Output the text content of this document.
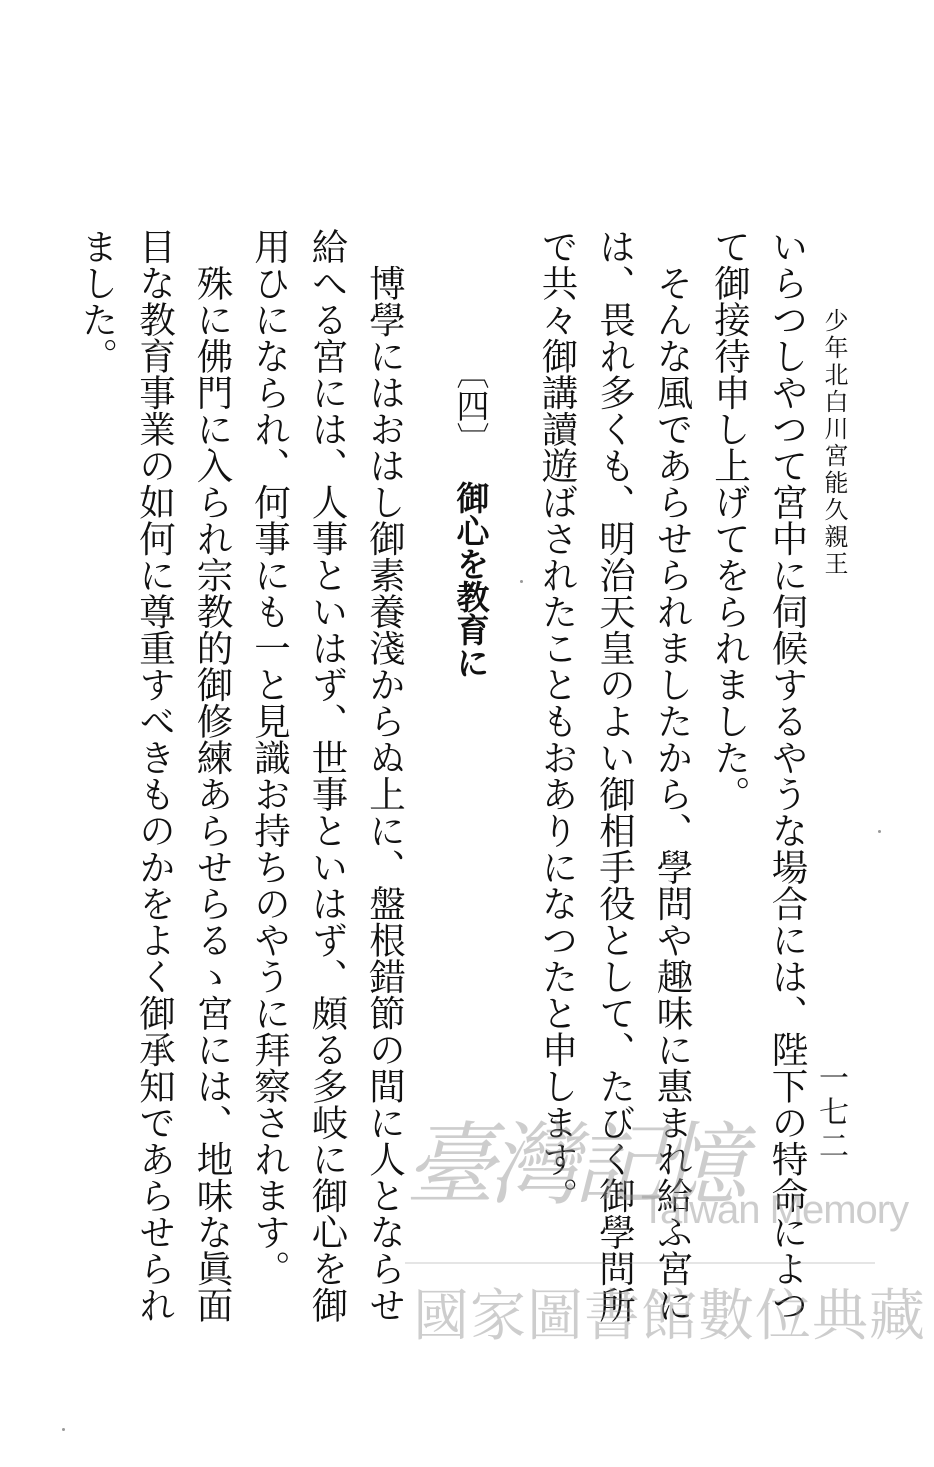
少年北白川宮能久親王
一七二

いらつしやつて宮中に伺候するやうな場合には、陛下の特命によつて御接待申し上げてをられました。

　そんな風であらせられましたから、學問や趣味に惠まれ給ふ宮には、畏れ多くも、明治天皇のよい御相手役として、たびく御學問所で共々御講讀遊ばされたこともおありになつたと申します。

〔四〕御心を教育に

　博學にはおはし御素養淺からぬ上に、盤根錯節の間に人とならせ給へる宮には、人事といはず、世事といはず、頗る多岐に御心を御用ひになられ、何事にも一と見識お持ちのやうに拜察されます。

　殊に佛門に入られ宗教的御修練あらせらるゝ宮には、地味な眞面目な教育事業の如何に尊重すべきものかをよく御承知であらせられました。

臺灣記憶
Taiwan Memory
國家圖書館數位典藏
